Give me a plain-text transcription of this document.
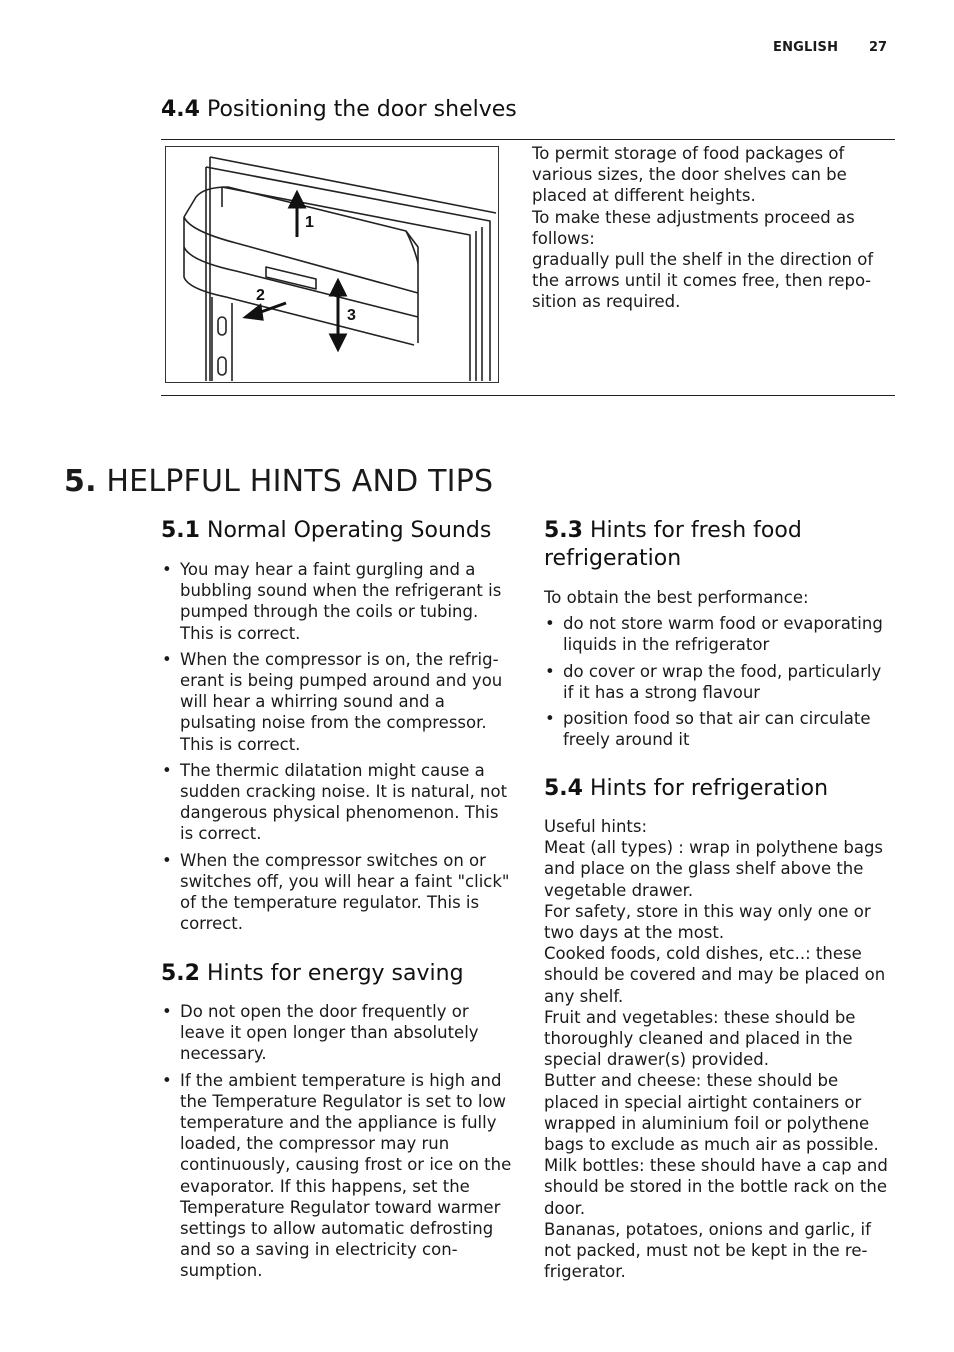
ENGLISH 27
4.4 Positioning the door shelves
1
2
3

To permit storage of food packages of various sizes, the door shelves can be placed at different heights.

To make these adjustments proceed as follows:

gradually pull the shelf in the direction of the arrows until it comes free, then reposition as required.

5. HELPFUL HINTS AND TIPS
5.1 Normal Operating Sounds
• You may hear a faint gurgling and a bubbling sound when the refrigerant is pumped through the coils or tubing. This is correct.
• When the compressor is on, the refrigerant is being pumped around and you will hear a whirring sound and a pulsating noise from the compressor. This is correct.
• The thermic dilatation might cause a sudden cracking noise. It is natural, not dangerous physical phenomenon. This is correct.
• When the compressor switches on or switches off, you will hear a faint "click" of the temperature regulator. This is correct.
5.2 Hints for energy saving
• Do not open the door frequently or leave it open longer than absolutely necessary.
• If the ambient temperature is high and the Temperature Regulator is set to low temperature and the appliance is fully loaded, the compressor may run continuously, causing frost or ice on the evaporator. If this happens, set the Temperature Regulator toward warmer settings to allow automatic defrosting and so a saving in electricity consumption.
5.3 Hints for fresh food refrigeration

To obtain the best performance:

• do not store warm food or evaporating liquids in the refrigerator
• do cover or wrap the food, particularly if it has a strong flavour
• position food so that air can circulate freely around it
5.4 Hints for refrigeration

Useful hints:

Meat (all types) : wrap in polythene bags and place on the glass shelf above the vegetable drawer.

For safety, store in this way only one or two days at the most.

Cooked foods, cold dishes, etc..: these should be covered and may be placed on any shelf.

Fruit and vegetables: these should be thoroughly cleaned and placed in the special drawer(s) provided.

Butter and cheese: these should be placed in special airtight containers or wrapped in aluminium foil or polythene bags to exclude as much air as possible.

Milk bottles: these should have a cap and should be stored in the bottle rack on the door.

Bananas, potatoes, onions and garlic, if not packed, must not be kept in the refrigerator.
